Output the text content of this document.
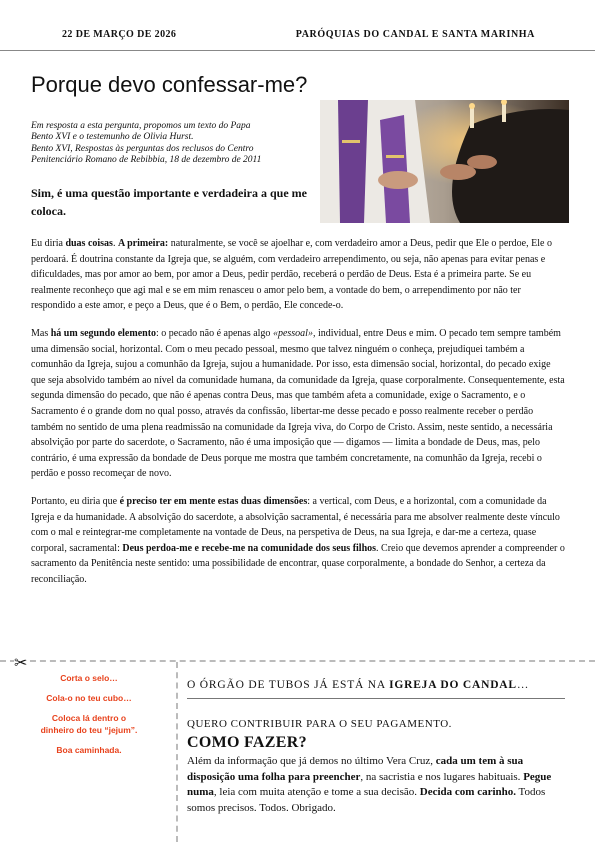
22 DE MARÇO DE 2026	PARÓQUIAS DO CANDAL E SANTA MARINHA
Porque devo confessar-me?
Em resposta a esta pergunta, propomos um texto do Papa
Bento XVI e o testemunho de Olivia Hurst.
Bento XVI, Respostas às perguntas dos reclusos do Centro
Penitenciário Romano de Rebibbia, 18 de dezembro de 2011
Sim, é uma questão importante e verdadeira a que me coloca.

Eu diria duas coisas. A primeira: naturalmente, se você se ajoelhar e, com verdadeiro amor a Deus, pedir que Ele o perdoe, Ele o perdoará. É doutrina constante da Igreja que, se alguém, com verdadeiro arrependimento, ou seja, não apenas para evitar penas e dificuldades, mas por amor ao bem, por amor a Deus, pedir perdão, receberá o perdão de Deus. Esta é a primeira parte. Se eu realmente reconheço que agi mal e se em mim renasceu o amor pelo bem, a vontade do bem, o arrependimento por não ter respondido a este amor, e peço a Deus, que é o Bem, o perdão, Ele concede-o.

Mas há um segundo elemento: o pecado não é apenas algo «pessoal», individual, entre Deus e mim. O pecado tem sempre também uma dimensão social, horizontal. Com o meu pecado pessoal, mesmo que talvez ninguém o conheça, prejudiquei também a comunhão da Igreja, sujou a comunhão da Igreja, sujou a humanidade. Por isso, esta dimensão social, horizontal, do pecado exige que seja absolvido também ao nível da comunidade humana, da comunidade da Igreja, quase corporalmente. Consequentemente, esta segunda dimensão do pecado, que não é apenas contra Deus, mas que também afeta a comunidade, exige o Sacramento, e o Sacramento é o grande dom no qual posso, através da confissão, libertar-me desse pecado e posso realmente receber o perdão também no sentido de uma plena readmissão na comunidade da Igreja viva, do Corpo de Cristo. Assim, neste sentido, a necessária absolvição por parte do sacerdote, o Sacramento, não é uma imposição que — digamos — limita a bondade de Deus, mas, pelo contrário, é uma expressão da bondade de Deus porque me mostra que também concretamente, na comunhão da Igreja, recebi o perdão e posso recomeçar de novo.

Portanto, eu diria que é preciso ter em mente estas duas dimensões: a vertical, com Deus, e a horizontal, com a comunidade da Igreja e da humanidade. A absolvição do sacerdote, a absolvição sacramental, é necessária para me absolver realmente deste vínculo com o mal e reintegrar-me completamente na vontade de Deus, na perspetiva de Deus, na sua Igreja, e dar-me a certeza, quase corporal, sacramental: Deus perdoa-me e recebe-me na comunidade dos seus filhos. Creio que devemos aprender a compreender o sacramento da Penitência neste sentido: uma possibilidade de encontrar, quase corporalmente, a bondade do Senhor, a certeza da reconciliação.

✂
Corta o selo…
Cola-o no teu cubo…
Coloca lá dentro o
dinheiro do teu “jejum”.
Boa caminhada.
O ÓRGÃO DE TUBOS JÁ ESTÁ NA IGREJA DO CANDAL…
QUERO CONTRIBUIR PARA O SEU PAGAMENTO.
COMO FAZER?
Além da informação que já demos no último Vera Cruz, cada um tem à sua disposição uma folha para preencher, na sacristia e nos lugares habituais. Pegue numa, leia com muita atenção e tome a sua decisão. Decida com carinho. Todos somos precisos. Todos. Obrigado.
